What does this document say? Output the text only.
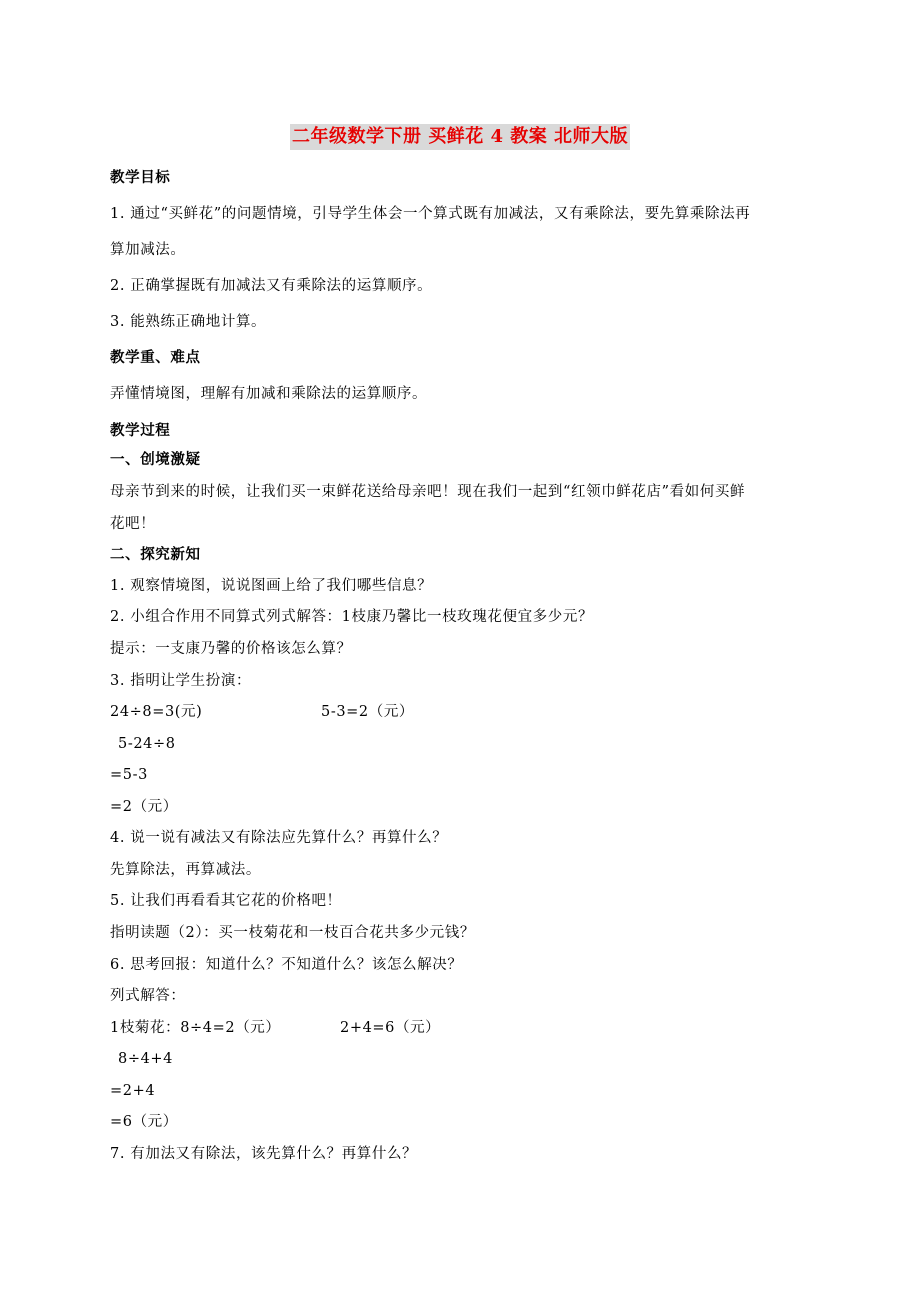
二年级数学下册 买鲜花 4 教案 北师大版
教学目标
1. 通过“买鲜花”的问题情境，引导学生体会一个算式既有加减法，又有乘除法，要先算乘除法再
算加减法。
2. 正确掌握既有加减法又有乘除法的运算顺序。
3. 能熟练正确地计算。
教学重、难点
弄懂情境图，理解有加减和乘除法的运算顺序。
教学过程
一、创境激疑
母亲节到来的时候，让我们买一束鲜花送给母亲吧！现在我们一起到“红领巾鲜花店”看如何买鲜
花吧！
二、探究新知
1. 观察情境图，说说图画上给了我们哪些信息？
2. 小组合作用不同算式列式解答：1枝康乃馨比一枝玫瑰花便宜多少元？
提示：一支康乃馨的价格该怎么算？
3. 指明让学生扮演：
24÷8=3(元)	5-3=2（元）
5-24÷8
=5-3
=2（元）
4. 说一说有减法又有除法应先算什么？再算什么？
先算除法，再算减法。
5. 让我们再看看其它花的价格吧！
指明读题（2）：买一枝菊花和一枝百合花共多少元钱？
6. 思考回报：知道什么？不知道什么？该怎么解决？
列式解答：
1枝菊花：8÷4=2（元）	2+4=6（元）
8÷4+4
=2+4
=6（元）
7. 有加法又有除法，该先算什么？再算什么？
